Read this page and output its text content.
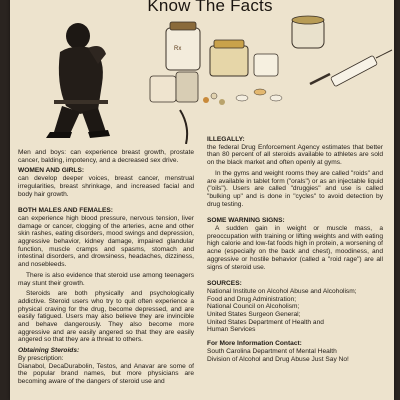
Know The Facts
Rx

Men and boys: can experience breast growth, prostate cancer, balding, impotency, and a decreased sex drive.

WOMEN AND GIRLS:

can develop deeper voices, breast cancer, menstrual irregularities, breast shrinkage, and increased facial and body hair growth.

BOTH MALES AND FEMALES:

can experience high blood pressure, nervous tension, liver damage or cancer, clogging of the arteries, acne and other skin rashes, eating disorders, mood swings and depression, aggressive behavior, kidney damage, impaired glandular function, muscle cramps and spasms, stomach and intestinal disorders, and drowsiness, headaches, dizziness, and nosebleeds.

There is also evidence that steroid use among teenagers may stunt their growth.

Steroids are both physically and psychologically addictive. Steroid users who try to quit often experience a physical craving for the drug, become depressed, and are easily fatigued. Users may also believe they are invincible and behave dangerously. They also become more aggressive and are easily angered so that they are easily angered so that they are a threat to others.

Obtaining Steroids:
By prescription:

Dianabol, DecaDurabolin, Testos, and Anavar are some of the popular brand names, but more physicians are becoming aware of the dangers of steroid use and

ILLEGALLY:

the federal Drug Enforcement Agency estimates that better than 80 percent of all steroids available to athletes are sold on the black market and often openly at gyms.

In the gyms and weight rooms they are called "roids" and are available in tablet form ("orals") or as an injectable liquid ("oils"). Users are called "druggies" and use is called "bulking up" and is done in "cycles" to avoid detection by drug testing.

SOME WARNING SIGNS:

A sudden gain in weight or muscle mass, a preoccupation with training or lifting weights and with eating high calorie and low-fat foods high in protein, a worsening of acne (especially on the back and chest), moodiness, and aggressive or hostile behavior (called a "roid rage") are all signs of steroid use.

SOURCES:
National Institute on Alcohol Abuse and Alcoholism;
Food and Drug Administration;
National Council on Alcoholism;
United States Surgeon General;
United States Department of Health and
Human Services
For More Information Contact:
South Carolina Department of Mental Health
Division of Alcohol and Drug Abuse Just Say No!
